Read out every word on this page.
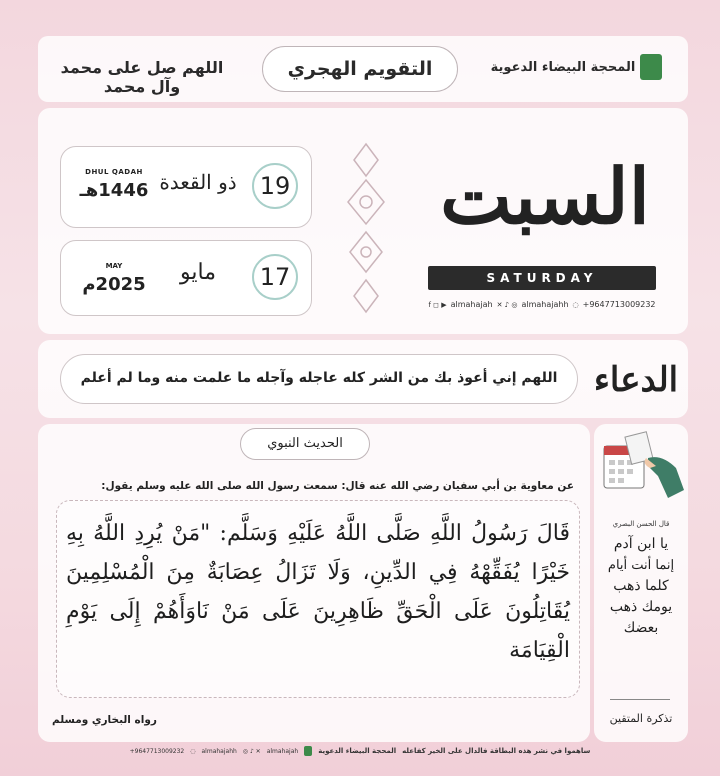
اللهم صل على محمد وآل محمد
التقويم الهجري	المحجة البيضاء الدعوية
19
ذو القعدة
DHUL QADAH
1446هـ
17
مايو
MAY
2025م
السبت
SATURDAY
f ◻ ▶ almahajah ✕ ♪ ◎ almahajahh ◌ +9647713009232
اللهم إني أعوذ بك من الشر كله عاجله وآجله ما علمت منه وما لم أعلم	الدعاء
الحديث النبوي
عن معاوية بن أبي سفيان رضي الله عنه قال: سمعت رسول الله صلى الله عليه وسلم يقول:
قَالَ رَسُولُ اللَّهِ صَلَّى اللَّهُ عَلَيْهِ وَسَلَّم: "مَنْ يُرِدِ اللَّهُ بِهِ خَيْرًا يُفَقِّهْهُ فِي الدِّينِ، وَلَا تَزَالُ عِصَابَةٌ مِنَ الْمُسْلِمِينَ يُقَاتِلُونَ عَلَى الْحَقِّ ظَاهِرِينَ عَلَى مَنْ نَاوَأَهُمْ إِلَى يَوْمِ الْقِيَامَة
رواه البخاري ومسلم
قال الحسن البصري
يا ابن آدم
إنما أنت أيام
كلما ذهب
يومك ذهب
بعضك
تذكرة المتقين
+9647713009232 ◌ almahajahh ◎ ♪ ✕ almahajah	المحجة البيضاء الدعوية ساهموا في نشر هذه البطاقة فالدال على الخير كفاعله
